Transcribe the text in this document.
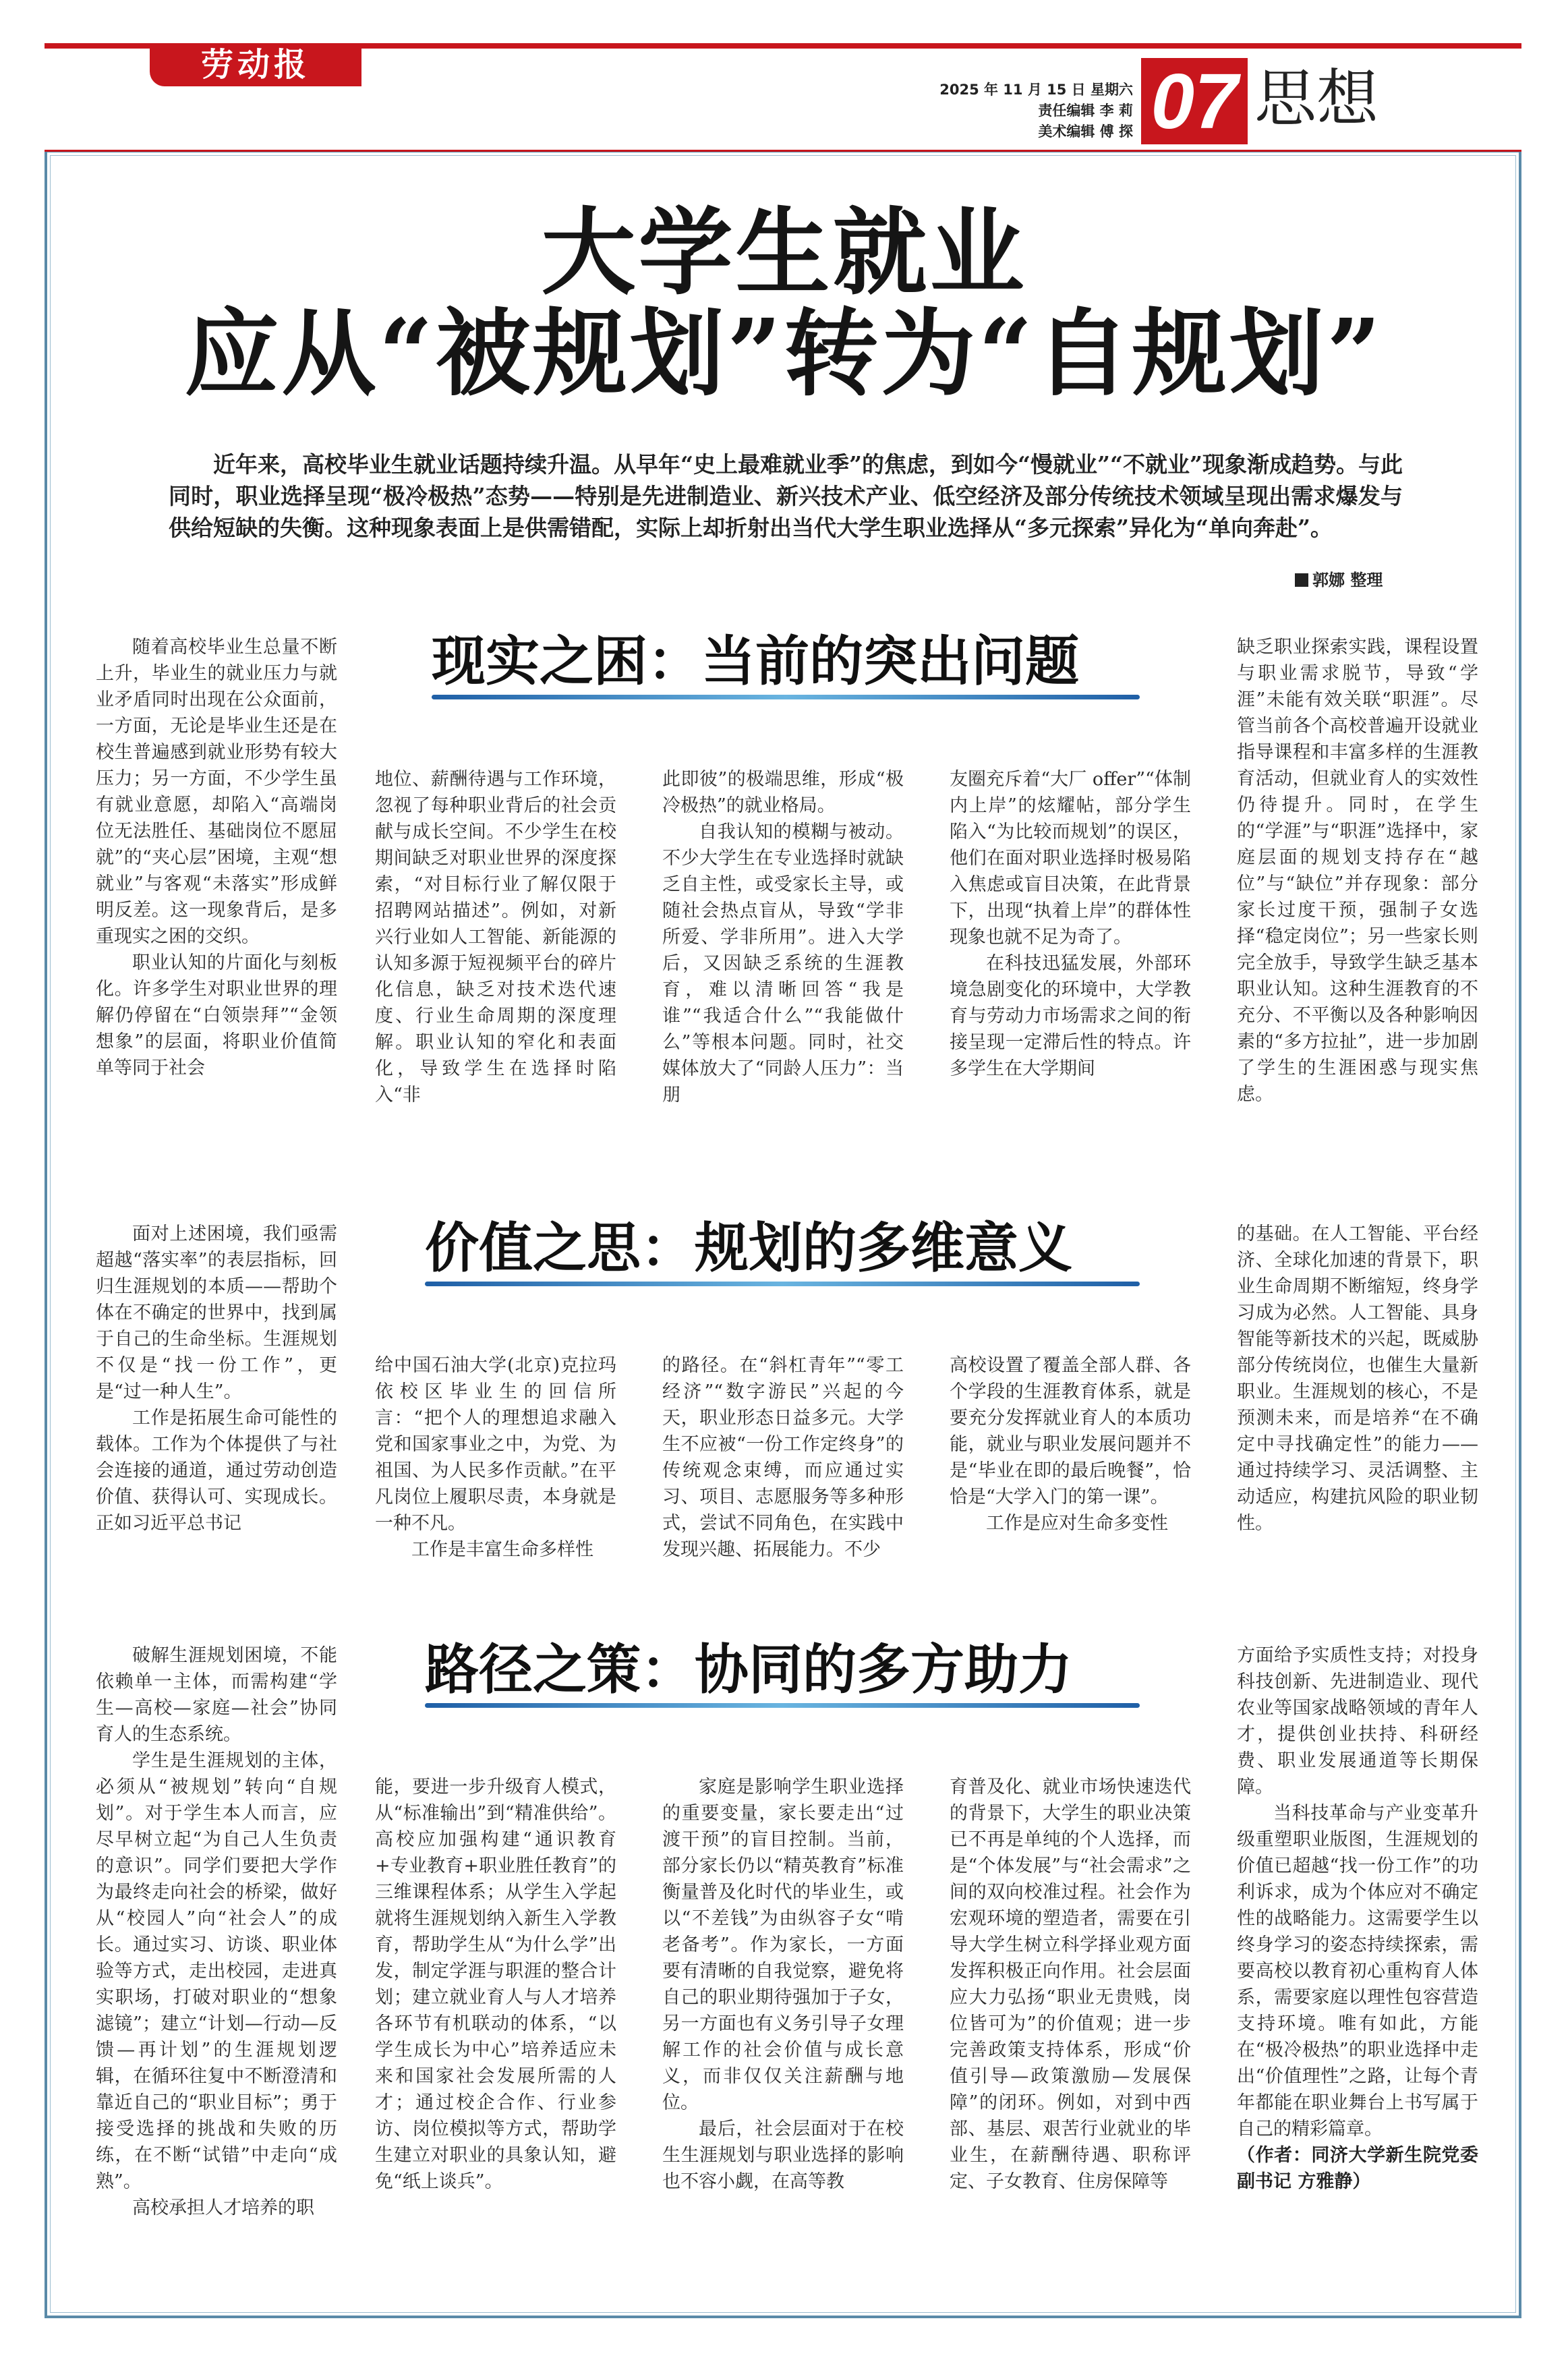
劳动报
2025 年 11 月 15 日 星期六
责任编辑 李 莉
美术编辑 傅 探 07 思想
大学生就业
应从“被规划”转为“自规划”
近年来，高校毕业生就业话题持续升温。从早年“史上最难就业季”的焦虑，到如今“慢就业”“不就业”现象渐成趋势。与此同时，职业选择呈现“极冷极热”态势——特别是先进制造业、新兴技术产业、低空经济及部分传统技术领域呈现出需求爆发与供给短缺的失衡。这种现象表面上是供需错配，实际上却折射出当代大学生职业选择从“多元探索”异化为“单向奔赴”。
郭娜 整理

随着高校毕业生总量不断上升，毕业生的就业压力与就业矛盾同时出现在公众面前，一方面，无论是毕业生还是在校生普遍感到就业形势有较大压力；另一方面，不少学生虽有就业意愿，却陷入“高端岗位无法胜任、基础岗位不愿屈就”的“夹心层”困境，主观“想就业”与客观“未落实”形成鲜明反差。这一现象背后，是多重现实之困的交织。

职业认知的片面化与刻板化。许多学生对职业世界的理解仍停留在“白领崇拜”“金领想象”的层面，将职业价值简单等同于社会

现实之困：当前的突出问题

地位、薪酬待遇与工作环境，忽视了每种职业背后的社会贡献与成长空间。不少学生在校期间缺乏对职业世界的深度探索，“对目标行业了解仅限于招聘网站描述”。例如，对新兴行业如人工智能、新能源的认知多源于短视频平台的碎片化信息，缺乏对技术迭代速度、行业生命周期的深度理解。职业认知的窄化和表面化，导致学生在选择时陷入“非

此即彼”的极端思维，形成“极冷极热”的就业格局。

自我认知的模糊与被动。不少大学生在专业选择时就缺乏自主性，或受家长主导，或随社会热点盲从，导致“学非所爱、学非所用”。进入大学后，又因缺乏系统的生涯教育，难以清晰回答“我是谁”“我适合什么”“我能做什么”等根本问题。同时，社交媒体放大了“同龄人压力”：当朋

友圈充斥着“大厂 offer”“体制内上岸”的炫耀帖，部分学生陷入“为比较而规划”的误区，他们在面对职业选择时极易陷入焦虑或盲目决策，在此背景下，出现“执着上岸”的群体性现象也就不足为奇了。

在科技迅猛发展，外部环境急剧变化的环境中，大学教育与劳动力市场需求之间的衔接呈现一定滞后性的特点。许多学生在大学期间

缺乏职业探索实践，课程设置与职业需求脱节，导致“学涯”未能有效关联“职涯”。尽管当前各个高校普遍开设就业指导课程和丰富多样的生涯教育活动，但就业育人的实效性仍待提升。同时，在学生的“学涯”与“职涯”选择中，家庭层面的规划支持存在“越位”与“缺位”并存现象：部分家长过度干预，强制子女选择“稳定岗位”；另一些家长则完全放手，导致学生缺乏基本职业认知。这种生涯教育的不充分、不平衡以及各种影响因素的“多方拉扯”，进一步加剧了学生的生涯困惑与现实焦虑。

面对上述困境，我们亟需超越“落实率”的表层指标，回归生涯规划的本质——帮助个体在不确定的世界中，找到属于自己的生命坐标。生涯规划不仅是“找一份工作”，更是“过一种人生”。

工作是拓展生命可能性的载体。工作为个体提供了与社会连接的通道，通过劳动创造价值、获得认可、实现成长。正如习近平总书记

价值之思：规划的多维意义

给中国石油大学(北京)克拉玛依校区毕业生的回信所言：“把个人的理想追求融入党和国家事业之中，为党、为祖国、为人民多作贡献。”在平凡岗位上履职尽责，本身就是一种不凡。

工作是丰富生命多样性

的路径。在“斜杠青年”“零工经济”“数字游民”兴起的今天，职业形态日益多元。大学生不应被“一份工作定终身”的传统观念束缚，而应通过实习、项目、志愿服务等多种形式，尝试不同角色，在实践中发现兴趣、拓展能力。不少

高校设置了覆盖全部人群、各个学段的生涯教育体系，就是要充分发挥就业育人的本质功能，就业与职业发展问题并不是“毕业在即的最后晚餐”，恰恰是“大学入门的第一课”。

工作是应对生命多变性

的基础。在人工智能、平台经济、全球化加速的背景下，职业生命周期不断缩短，终身学习成为必然。人工智能、具身智能等新技术的兴起，既威胁部分传统岗位，也催生大量新职业。生涯规划的核心，不是预测未来，而是培养“在不确定中寻找确定性”的能力——通过持续学习、灵活调整、主动适应，构建抗风险的职业韧性。

破解生涯规划困境，不能依赖单一主体，而需构建“学生—高校—家庭—社会”协同育人的生态系统。

学生是生涯规划的主体，必须从“被规划”转向“自规划”。对于学生本人而言，应尽早树立起“为自己人生负责的意识”。同学们要把大学作为最终走向社会的桥梁，做好从“校园人”向“社会人”的成长。通过实习、访谈、职业体验等方式，走出校园，走进真实职场，打破对职业的“想象滤镜”；建立“计划—行动—反馈—再计划”的生涯规划逻辑，在循环往复中不断澄清和靠近自己的“职业目标”；勇于接受选择的挑战和失败的历练，在不断“试错”中走向“成熟”。

高校承担人才培养的职

路径之策：协同的多方助力

能，要进一步升级育人模式，从“标准输出”到“精准供给”。高校应加强构建“通识教育+专业教育+职业胜任教育”的三维课程体系；从学生入学起就将生涯规划纳入新生入学教育，帮助学生从“为什么学”出发，制定学涯与职涯的整合计划；建立就业育人与人才培养各环节有机联动的体系，“以学生成长为中心”培养适应未来和国家社会发展所需的人才；通过校企合作、行业参访、岗位模拟等方式，帮助学生建立对职业的具象认知，避免“纸上谈兵”。

家庭是影响学生职业选择的重要变量，家长要走出“过渡干预”的盲目控制。当前，部分家长仍以“精英教育”标准衡量普及化时代的毕业生，或以“不差钱”为由纵容子女“啃老备考”。作为家长，一方面要有清晰的自我觉察，避免将自己的职业期待强加于子女，另一方面也有义务引导子女理解工作的社会价值与成长意义，而非仅仅关注薪酬与地位。

最后，社会层面对于在校生生涯规划与职业选择的影响也不容小觑，在高等教

育普及化、就业市场快速迭代的背景下，大学生的职业决策已不再是单纯的个人选择，而是“个体发展”与“社会需求”之间的双向校准过程。社会作为宏观环境的塑造者，需要在引导大学生树立科学择业观方面发挥积极正向作用。社会层面应大力弘扬“职业无贵贱，岗位皆可为”的价值观；进一步完善政策支持体系，形成“价值引导—政策激励—发展保障”的闭环。例如，对到中西部、基层、艰苦行业就业的毕业生，在薪酬待遇、职称评定、子女教育、住房保障等

方面给予实质性支持；对投身科技创新、先进制造业、现代农业等国家战略领域的青年人才，提供创业扶持、科研经费、职业发展通道等长期保障。

当科技革命与产业变革升级重塑职业版图，生涯规划的价值已超越“找一份工作”的功利诉求，成为个体应对不确定性的战略能力。这需要学生以终身学习的姿态持续探索，需要高校以教育初心重构育人体系，需要家庭以理性包容营造支持环境。唯有如此，方能在“极冷极热”的职业选择中走出“价值理性”之路，让每个青年都能在职业舞台上书写属于自己的精彩篇章。

（作者：同济大学新生院党委副书记 方雅静）
